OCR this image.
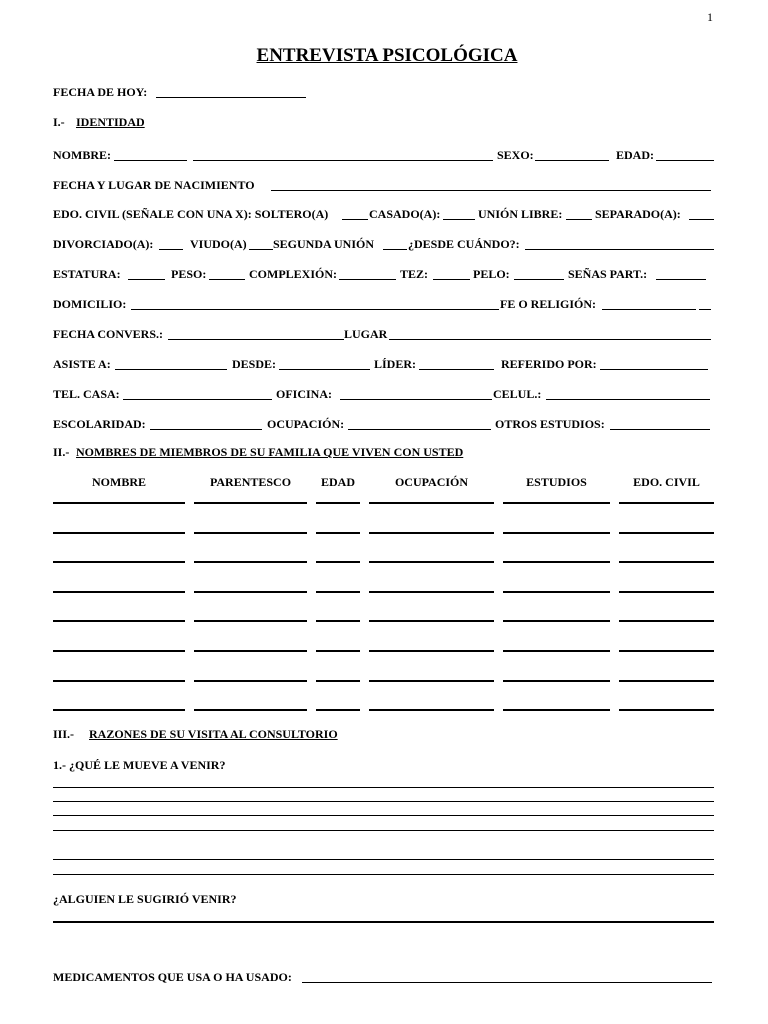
1
ENTREVISTA PSICOLÓGICA
FECHA DE HOY:
I.- IDENTIDAD
NOMBRE:	SEXO:	EDAD:
FECHA Y LUGAR DE NACIMIENTO
EDO. CIVIL (SEÑALE CON UNA X): SOLTERO(A)	CASADO(A):	UNIÓN LIBRE:	SEPARADO(A):
DIVORCIADO(A):	VIUDO(A) SEGUNDA UNIÓN	¿DESDE CUÁNDO?:
ESTATURA:	PESO:	COMPLEXIÓN:	TEZ:	PELO:	SEÑAS PART.:
DOMICILIO:	FE O RELIGIÓN:
FECHA CONVERS.:	LUGAR
ASISTE A:	DESDE:	LÍDER:	REFERIDO POR:
TEL. CASA:	OFICINA:	CELUL.:
ESCOLARIDAD:	OCUPACIÓN:	OTROS ESTUDIOS:
II.- NOMBRES DE MIEMBROS DE SU FAMILIA QUE VIVEN CON USTED
NOMBRE	PARENTESCO	EDAD	OCUPACIÓN	ESTUDIOS	EDO. CIVIL
III.- RAZONES DE SU VISITA AL CONSULTORIO
1.- ¿QUÉ LE MUEVE A VENIR?
¿ALGUIEN LE SUGIRIÓ VENIR?
MEDICAMENTOS QUE USA O HA USADO:
